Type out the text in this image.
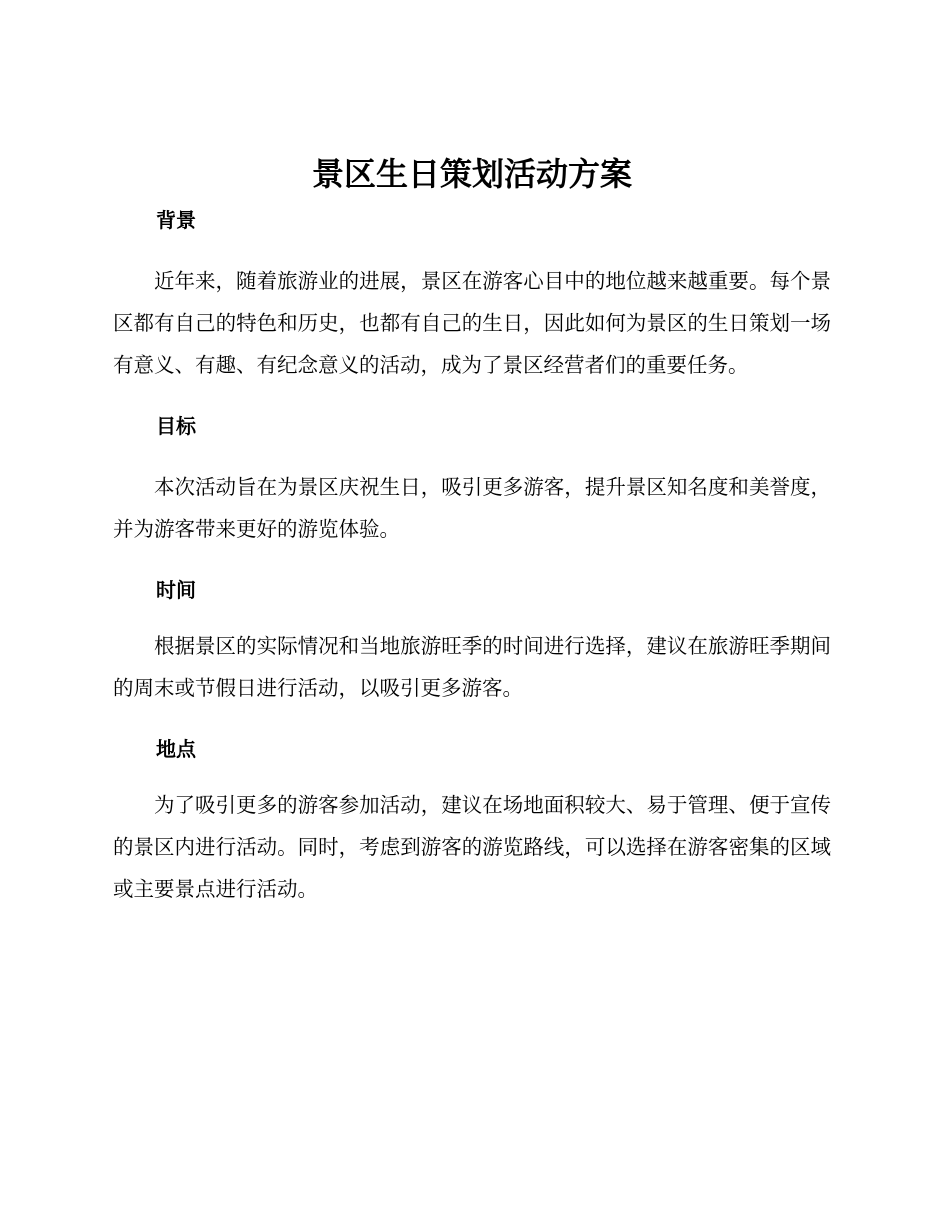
景区生日策划活动方案
背景

近年来，随着旅游业的进展，景区在游客心目中的地位越来越重要。每个景区都有自己的特色和历史，也都有自己的生日，因此如何为景区的生日策划一场有意义、有趣、有纪念意义的活动，成为了景区经营者们的重要任务。

目标

本次活动旨在为景区庆祝生日，吸引更多游客，提升景区知名度和美誉度，并为游客带来更好的游览体验。

时间

根据景区的实际情况和当地旅游旺季的时间进行选择，建议在旅游旺季期间的周末或节假日进行活动，以吸引更多游客。

地点

为了吸引更多的游客参加活动，建议在场地面积较大、易于管理、便于宣传的景区内进行活动。同时，考虑到游客的游览路线，可以选择在游客密集的区域或主要景点进行活动。
